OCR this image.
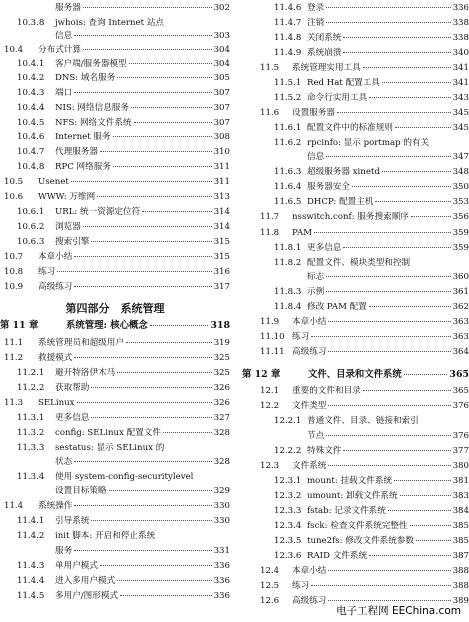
服务器	302
10.3.8	jwhois: 查询 Internet 站点
信息	303
10.4	分布式计算	304
10.4.1	客户端/服务器模型	304
10.4.2	DNS: 域名服务	305
10.4.3	端口	307
10.4.4	NIS: 网络信息服务	307
10.4.5	NFS: 网络文件系统	307
10.4.6	Internet 服务	308
10.4.7	代理服务器	310
10.4.8	RPC 网络服务	311
10.5	Usenet	311
10.6	WWW: 万维网	313
10.6.1	URL: 统一资源定位符	314
10.6.2	浏览器	314
10.6.3	搜索引擎	315
10.7	本章小结	315
10.8	练习	316
10.9	高级练习	317
第 11 章	系统管理: 核心概念	318
11.1	系统管理员和超级用户	319
11.2	救援模式	325
11.2.1	避开特洛伊木马	325
11.2.2	获取帮助	326
11.3	SELinux	326
11.3.1	更多信息	327
11.3.2	config: SELinux 配置文件	328
11.3.3	sestatus: 显示 SELinux 的
状态	328
11.3.4	使用 system-config-securitylevel
设置目标策略	329
11.4	系统操作	330
11.4.1	引导系统	330
11.4.2	init 脚本: 开启和停止系统
服务	331
11.4.3	单用户模式	336
11.4.4	进入多用户模式	336
11.4.5	多用户/图形模式	336
11.4.6 登录	336
11.4.7 注销	338
11.4.8 关闭系统	338
11.4.9 系统崩溃	340
11.5	系统管理实用工具	341
11.5.1 Red Hat 配置工具	341
11.5.2 命令行实用工具	343
11.6	设置服务器	345
11.6.1 配置文件中的标准规则	345
11.6.2 rpcinfo: 显示 portmap 的有关
信息	347
11.6.3 超级服务器 xinetd	348
11.6.4 服务器安全	350
11.6.5 DHCP: 配置主机	353
11.7	nsswitch.conf: 服务搜索顺序	356
11.8	PAM	359
11.8.1 更多信息	359
11.8.2 配置文件、模块类型和控制
标志	360
11.8.3 示例	361
11.8.4 修改 PAM 配置	362
11.9	本章小结	363
11.10 练习	363
11.11 高级练习	364
第 12 章	文件、目录和文件系统	365
12.1	重要的文件和目录	365
12.2	文件类型	376
12.2.1 普通文件、目录、链接和索引
节点	376
12.2.2 特殊文件	377
12.3	文件系统	380
12.3.1 mount: 挂载文件系统	381
12.3.2 umount: 卸载文件系统	383
12.3.3 fstab: 记录文件系统	384
12.3.4 fsck: 检查文件系统完整性	385
12.3.5 tune2fs: 修改文件系统参数	385
12.3.6 RAID 文件系统	387
12.4	本章小结	388
12.5	练习	388
12.6	高级练习	389
第四部分　系统管理
电子工程网 EEChina.com
